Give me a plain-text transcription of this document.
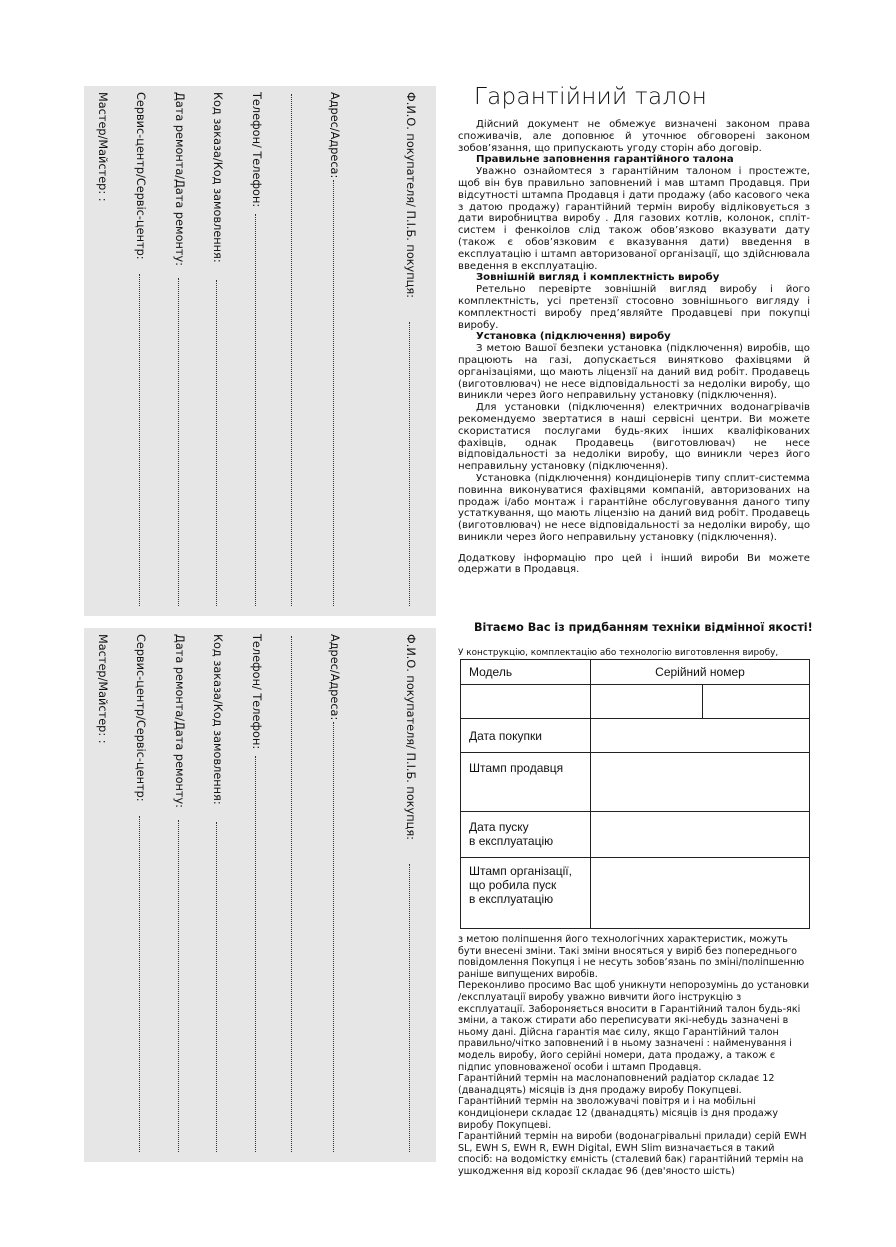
Ф.И.О. покупателя/ П.І.Б. покупця:
Адрес/Адреса:
Телефон/ Телефон:
Код заказа/Код замовлення:
Дата ремонта/Дата ремонту:
Сервис-центр/Сервіс-центр:
Мастер/Майстер: :
Ф.И.О. покупателя/ П.І.Б. покупця:
Адрес/Адреса:
Телефон/ Телефон:
Код заказа/Код замовлення:
Дата ремонта/Дата ремонту:
Сервис-центр/Сервіс-центр:
Мастер/Майстер: :
Гарантійний талон

Дійсний документ не обмежує визначені законом права споживачів, але доповнює й уточнює обговорені законом зобов’язання, що припускають угоду сторін або договір.

Правильне заповнення гарантійного талона

Уважно ознайомтеся з гарантійним талоном і простежте, щоб він був правильно заповнений і мав штамп Продавця. При відсутності штампа Продавця і дати продажу (або касового чека з датою продажу) гарантійний термін виробу відліковується з дати виробництва виробу . Для газових котлів, колонок, спліт-систем і фенкоілов слід також обов’язково вказувати дату (також є обов’язковим є вказування дати) введення в експлуатацію і штамп авторизованої організації, що здійснювала введення в експлуатацію.

Зовнішній вигляд і комплектність виробу

Ретельно перевірте зовнішній вигляд виробу і його комплектність, усі претензії стосовно зовнішнього вигляду і комплектності виробу пред’являйте Продавцеві при покупці виробу.

Установка (підключення) виробу

З метою Вашої безпеки установка (підключення) виробів, що працюють на газі, допускається винятково фахівцями й організаціями, що мають ліцензії на даний вид робіт. Продавець (виготовлювач) не несе відповідальності за недоліки виробу, що виникли через його неправильну установку (підключення).

Для установки (підключення) електричних водонагрівачів рекомендуємо звертатися в наші сервісні центри. Ви можете скористатися послугами будь-яких інших кваліфікованих фахівців, однак Продавець (виготовлювач) не несе відповідальності за недоліки виробу, що виникли через його неправильну установку (підключення).

Установка (підключення) кондиціонерів типу сплит-системма повинна виконуватися фахівцями компаній, авторизованих на продаж і/або монтаж і гарантійне обслуговування даного типу устаткування, що мають ліцензію на даний вид робіт. Продавець (виготовлювач) не несе відповідальності за недоліки виробу, що виникли через його неправильну установку (підключення).

Додаткову інформацію про цей і інший вироби Ви можете одержати в Продавця.

Вітаємо Вас із придбанням техніки відмінної якості!
У конструкцію, комплектацію або технологію виготовлення виробу,
Модель	Серійний номер	

Дата покупки		
Штамп продавця		

Дата пуску
в експлуатацію		

Штамп організації,
що робила пуск
в експлуатацію		

з метою поліпшення його технологічних характеристик, можуть бути внесені зміни. Такі зміни вносяться у вирiб без попереднього повідомлення Покупця і не несуть зобов’язань по зміні/поліпшенню раніше випущених виробів.

Переконливо просимо Вас щоб уникнути непорозумінь до установки /експлуатації виробу уважно вивчити його інструкцію з експлуатації. Забороняється вносити в Гарантійний талон будь-які зміни, а також стирати або переписувати які-небудь зазначені в ньому дані. Дійсна гарантія має силу, якщо Гарантійний талон правильно/чітко заповнений і в ньому зазначені : найменування і модель виробу, його серійні номери, дата продажу, а також є підпис уповноваженої особи і штамп Продавця.

Гарантійний термін на маслонаповнений радіатор складає 12 (дванадцять) місяців із дня продажу виробу Покупцеві.

Гарантійний термін на зволожувачі повітря и і на мобільні кондиціонери складає 12 (дванадцять) місяців із дня продажу виробу Покупцеві.

Гарантійний термін на вироби (водонагрівальні прилади) серій EWH SL, EWH S, EWH R, EWH Digital, EWH Slim визначається в такий спосіб: на водомістку ємність (сталевий бак) гарантійний термін на ушкодження від корозії складає 96 (дев'яносто шість)
